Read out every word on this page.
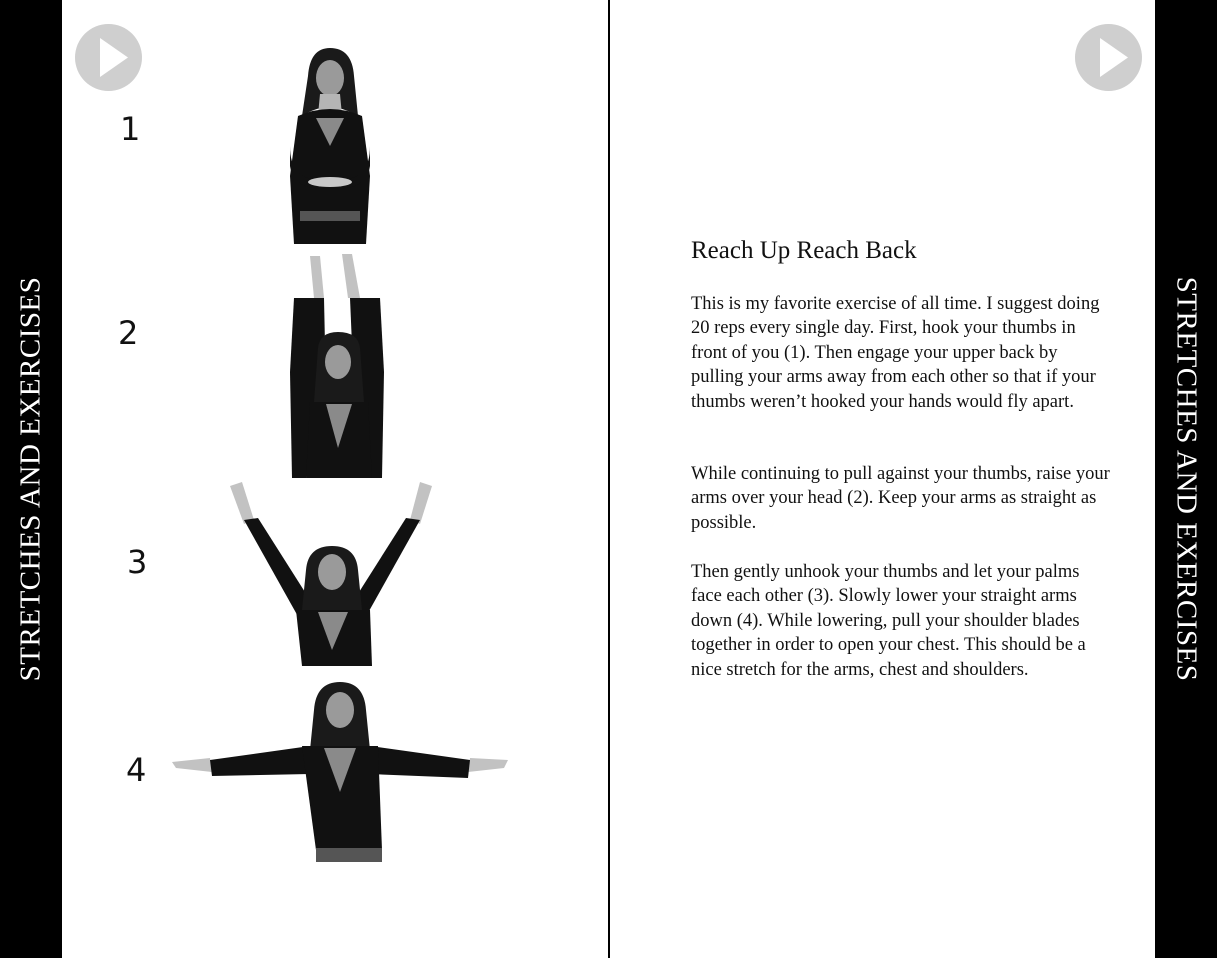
STRETCHES AND EXERCISES	STRETCHES AND EXERCISES
1
2
3
4
Reach Up Reach Back

This is my favorite exercise of all time. I suggest doing 20 reps every single day. First, hook your thumbs in front of you (1). Then engage your upper back by pulling your arms away from each other so that if your thumbs weren’t hooked your hands would fly apart.

While continuing to pull against your thumbs, raise your arms over your head (2). Keep your arms as straight as possible.

Then gently unhook your thumbs and let your palms face each other (3). Slowly lower your straight arms down (4). While lowering, pull your shoulder blades together in order to open your chest. This should be a nice stretch for the arms, chest and shoulders.
